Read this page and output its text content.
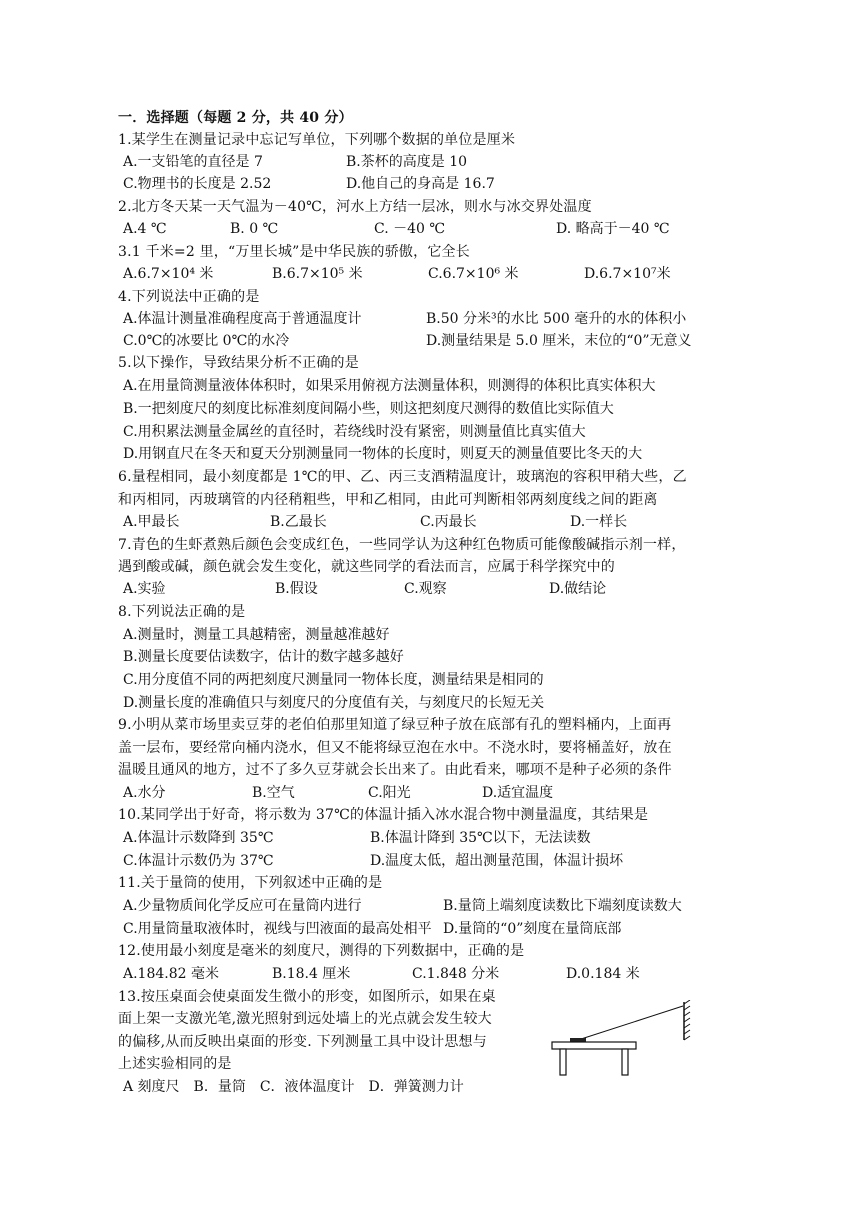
一．选择题（每题 2 分，共 40 分）
1.某学生在测量记录中忘记写单位，下列哪个数据的单位是厘米
A.一支铅笔的直径是 7	B.茶杯的高度是 10
C.物理书的长度是 2.52	D.他自己的身高是 16.7
2.北方冬天某一天气温为－40℃，河水上方结一层冰，则水与冰交界处温度
A.4 ℃	B. 0 ℃	C. －40 ℃	D. 略高于－40 ℃
3.1 千米=2 里，“万里长城”是中华民族的骄傲，它全长
A.6.7×10⁴ 米	B.6.7×10⁵ 米	C.6.7×10⁶ 米	D.6.7×10⁷米
4.下列说法中正确的是
A.体温计测量准确程度高于普通温度计	B.50 分米³的水比 500 毫升的水的体积小
C.0℃的冰要比 0℃的水冷	D.测量结果是 5.0 厘米，末位的“0”无意义
5.以下操作，导致结果分析不正确的是
A.在用量筒测量液体体积时，如果采用俯视方法测量体积，则测得的体积比真实体积大
B.一把刻度尺的刻度比标准刻度间隔小些，则这把刻度尺测得的数值比实际值大
C.用积累法测量金属丝的直径时，若绕线时没有紧密，则测量值比真实值大
D.用钢直尺在冬天和夏天分别测量同一物体的长度时，则夏天的测量值要比冬天的大
6.量程相同，最小刻度都是 1℃的甲、乙、丙三支酒精温度计，玻璃泡的容积甲稍大些，乙
和丙相同，丙玻璃管的内径稍粗些，甲和乙相同，由此可判断相邻两刻度线之间的距离
A.甲最长	B.乙最长	C.丙最长	D.一样长
7.青色的生虾煮熟后颜色会变成红色，一些同学认为这种红色物质可能像酸碱指示剂一样，
遇到酸或碱，颜色就会发生变化，就这些同学的看法而言，应属于科学探究中的
A.实验	B.假设	C.观察	D.做结论
8.下列说法正确的是
A.测量时，测量工具越精密，测量越准越好
B.测量长度要估读数字，估计的数字越多越好
C.用分度值不同的两把刻度尺测量同一物体长度，测量结果是相同的
D.测量长度的准确值只与刻度尺的分度值有关，与刻度尺的长短无关
9.小明从菜市场里卖豆芽的老伯伯那里知道了绿豆种子放在底部有孔的塑料桶内，上面再
盖一层布，要经常向桶内浇水，但又不能将绿豆泡在水中。不浇水时，要将桶盖好，放在
温暖且通风的地方，过不了多久豆芽就会长出来了。由此看来，哪项不是种子必须的条件
A.水分	B.空气	C.阳光	D.适宜温度
10.某同学出于好奇，将示数为 37℃的体温计插入冰水混合物中测量温度，其结果是
A.体温计示数降到 35℃	B.体温计降到 35℃以下，无法读数
C.体温计示数仍为 37℃	D.温度太低，超出测量范围，体温计损坏
11.关于量筒的使用，下列叙述中正确的是
A.少量物质间化学反应可在量筒内进行	B.量筒上端刻度读数比下端刻度读数大
C.用量筒量取液体时，视线与凹液面的最高处相平 D.量筒的“0”刻度在量筒底部
12.使用最小刻度是毫米的刻度尺，测得的下列数据中，正确的是
A.184.82 毫米	B.18.4 厘米	C.1.848 分米	D.0.184 米
13.按压桌面会使桌面发生微小的形变，如图所示，如果在桌
面上架一支激光笔,激光照射到远处墙上的光点就会发生较大
的偏移,从而反映出桌面的形变. 下列测量工具中设计思想与
上述实验相同的是
A 刻度尺　B．量筒　C．液体温度计　D．弹簧测力计
